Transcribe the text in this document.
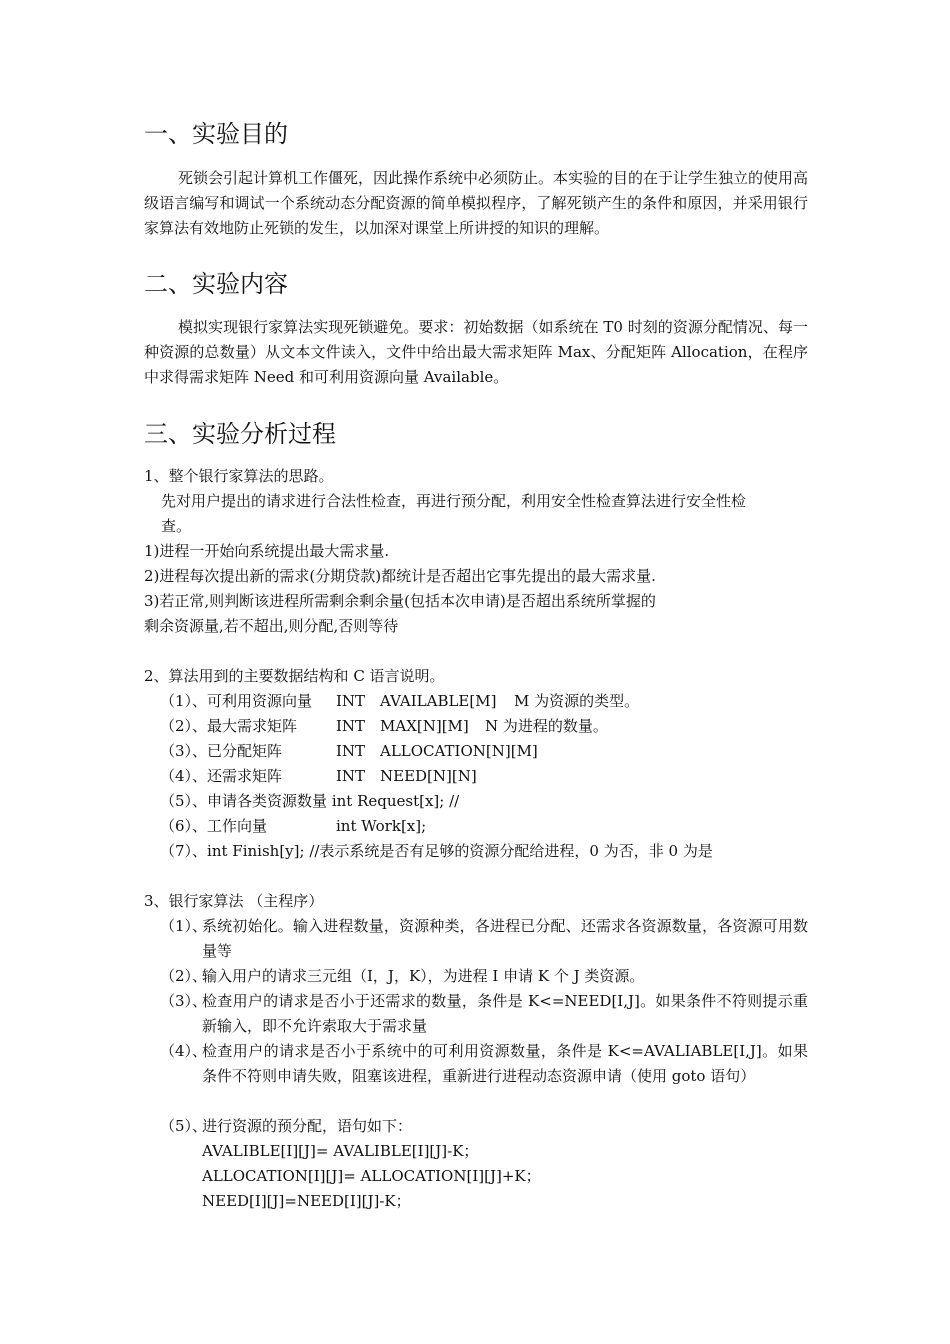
一、实验目的

死锁会引起计算机工作僵死，因此操作系统中必须防止。本实验的目的在于让学生独立的使用高级语言编写和调试一个系统动态分配资源的简单模拟程序，了解死锁产生的条件和原因，并采用银行家算法有效地防止死锁的发生，以加深对课堂上所讲授的知识的理解。

二、实验内容

模拟实现银行家算法实现死锁避免。要求：初始数据（如系统在 T0 时刻的资源分配情况、每一种资源的总数量）从文本文件读入，文件中给出最大需求矩阵 Max、分配矩阵 Allocation，在程序中求得需求矩阵 Need 和可利用资源向量 Available。

三、实验分析过程

1、整个银行家算法的思路。

先对用户提出的请求进行合法性检查，再进行预分配，利用安全性检查算法进行安全性检

查。

1)进程一开始向系统提出最大需求量.

2)进程每次提出新的需求(分期贷款)都统计是否超出它事先提出的最大需求量.

3)若正常,则判断该进程所需剩余剩余量(包括本次申请)是否超出系统所掌握的

剩余资源量,若不超出,则分配,否则等待

2、算法用到的主要数据结构和 C 语言说明。

（1）、可利用资源向量 INT AVAILABLE[M] M 为资源的类型。
（2）、最大需求矩阵	INT MAX[N][M] N 为进程的数量。
（3）、已分配矩阵	INT ALLOCATION[N][M]
（4）、还需求矩阵	INT NEED[N][N]

（5）、申请各类资源数量 int Request[x]; //

（6）、工作向量	int Work[x];

（7）、int Finish[y]; //表示系统是否有足够的资源分配给进程，0 为否，非 0 为是

3、银行家算法 （主程序）

（1）、
系统初始化。输入进程数量，资源种类，各进程已分配、还需求各资源数量，各资源可用数量等
（2）、
输入用户的请求三元组（I，J，K），为进程 I 申请 K 个 J 类资源。
（3）、
检查用户的请求是否小于还需求的数量，条件是 K<=NEED[I,J]。如果条件不符则提示重新输入，即不允许索取大于需求量
（4）、
检查用户的请求是否小于系统中的可利用资源数量，条件是 K<=AVALIABLE[I,J]。如果条件不符则申请失败，阻塞该进程，重新进行进程动态资源申请（使用 goto 语句）
（5）、
进行资源的预分配，语句如下：

AVALIBLE[I][J]= AVALIBLE[I][J]-K；

ALLOCATION[I][J]= ALLOCATION[I][J]+K；

NEED[I][J]=NEED[I][J]-K；
